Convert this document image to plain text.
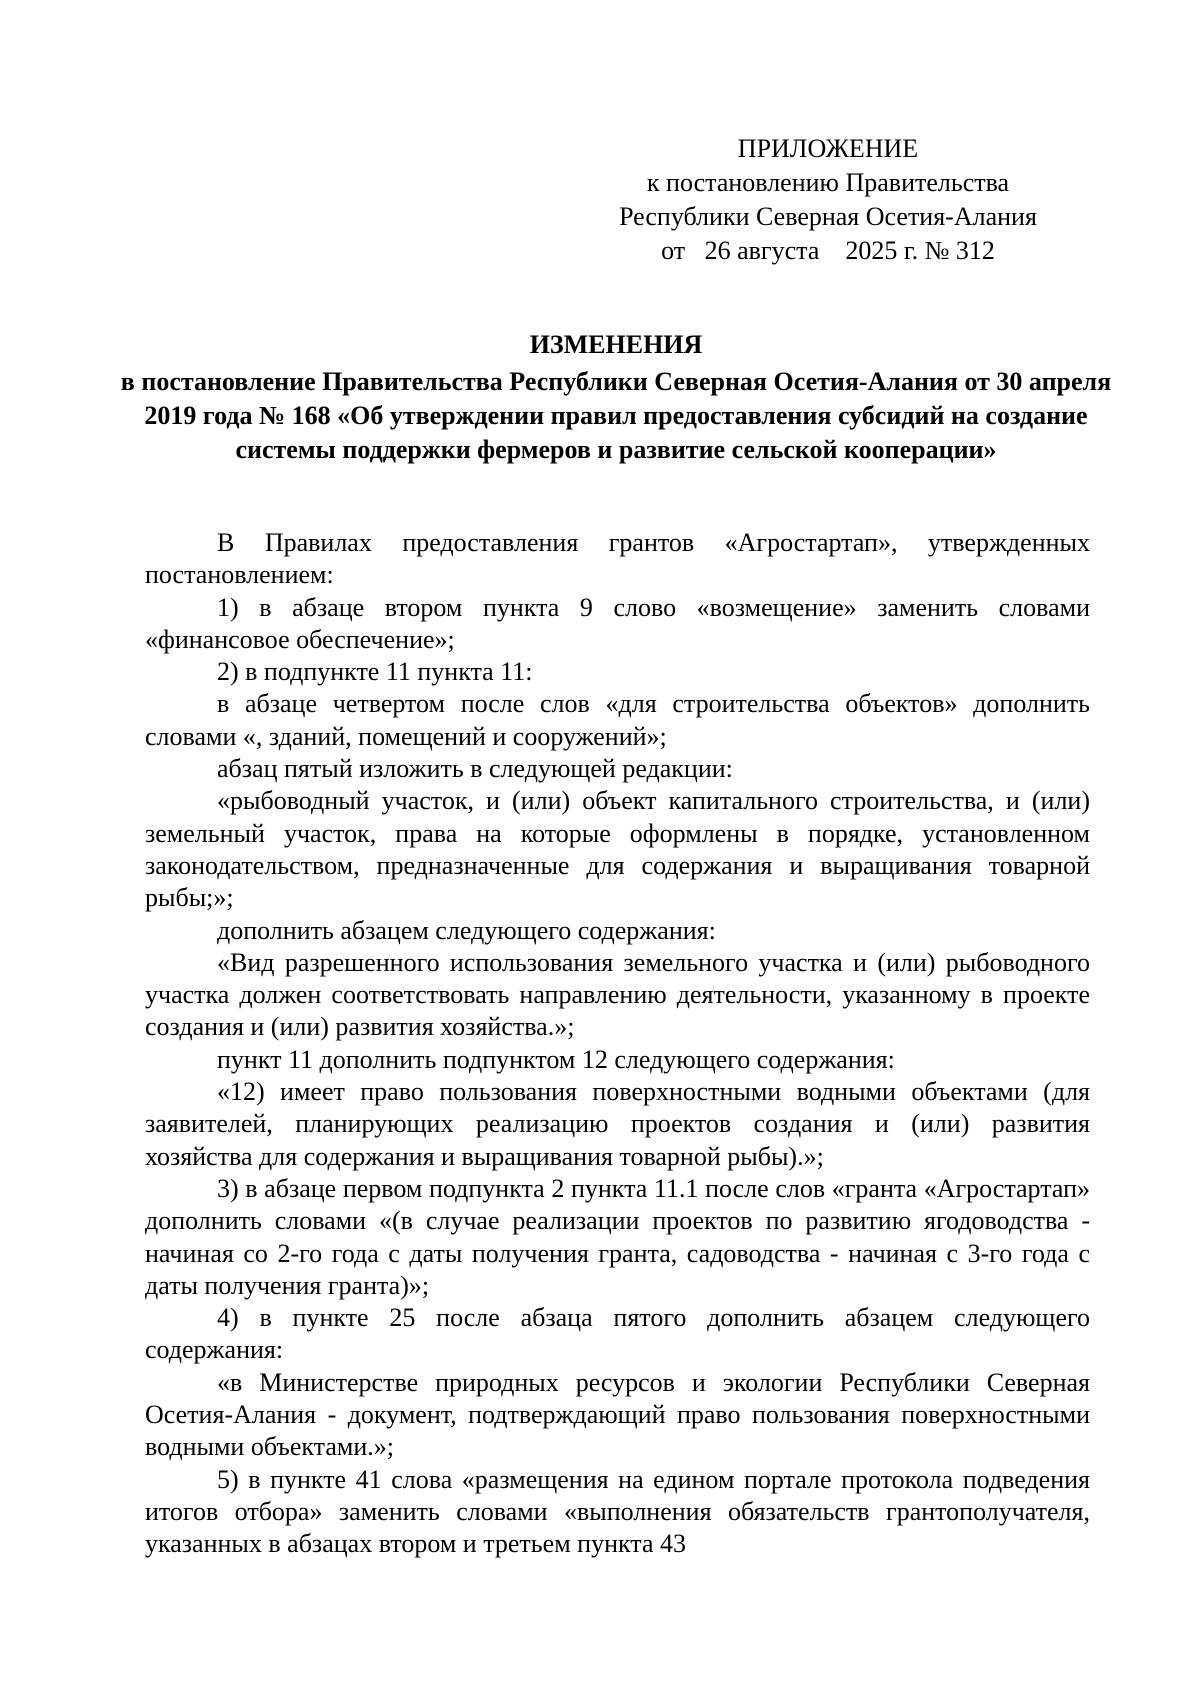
ПРИЛОЖЕНИЕ
к постановлению Правительства
Республики Северная Осетия-Алания
от   26 августа    2025 г. № 312
ИЗМЕНЕНИЯ
в постановление Правительства Республики Северная Осетия-Алания от 30 апреля 2019 года № 168 «Об утверждении правил предоставления субсидий на создание системы поддержки фермеров и развитие сельской кооперации»

В Правилах предоставления грантов «Агростартап», утвержденных постановлением:

1) в абзаце втором пункта 9 слово «возмещение» заменить словами «финансовое обеспечение»;

2) в подпункте 11 пункта 11:

в абзаце четвертом после слов «для строительства объектов» дополнить словами «, зданий, помещений и сооружений»;

абзац пятый изложить в следующей редакции:

«рыбоводный участок, и (или) объект капитального строительства, и (или) земельный участок, права на которые оформлены в порядке, установленном законодательством, предназначенные для содержания и выращивания товарной рыбы;»;

дополнить абзацем следующего содержания:

«Вид разрешенного использования земельного участка и (или) рыбоводного участка должен соответствовать направлению деятельности, указанному в проекте создания и (или) развития хозяйства.»;

пункт 11 дополнить подпунктом 12 следующего содержания:

«12) имеет право пользования поверхностными водными объектами (для заявителей, планирующих реализацию проектов создания и (или) развития хозяйства для содержания и выращивания товарной рыбы).»;

3) в абзаце первом подпункта 2 пункта 11.1 после слов «гранта «Агростартап» дополнить словами «(в случае реализации проектов по развитию ягодоводства - начиная со 2-го года с даты получения гранта, садоводства - начиная с 3-го года с даты получения гранта)»;

4) в пункте 25 после абзаца пятого дополнить абзацем следующего содержания:

«в Министерстве природных ресурсов и экологии Республики Северная Осетия-Алания - документ, подтверждающий право пользования поверхностными водными объектами.»;

5) в пункте 41 слова «размещения на едином портале протокола подведения итогов отбора» заменить словами «выполнения обязательств грантополучателя, указанных в абзацах втором и третьем пункта 43
